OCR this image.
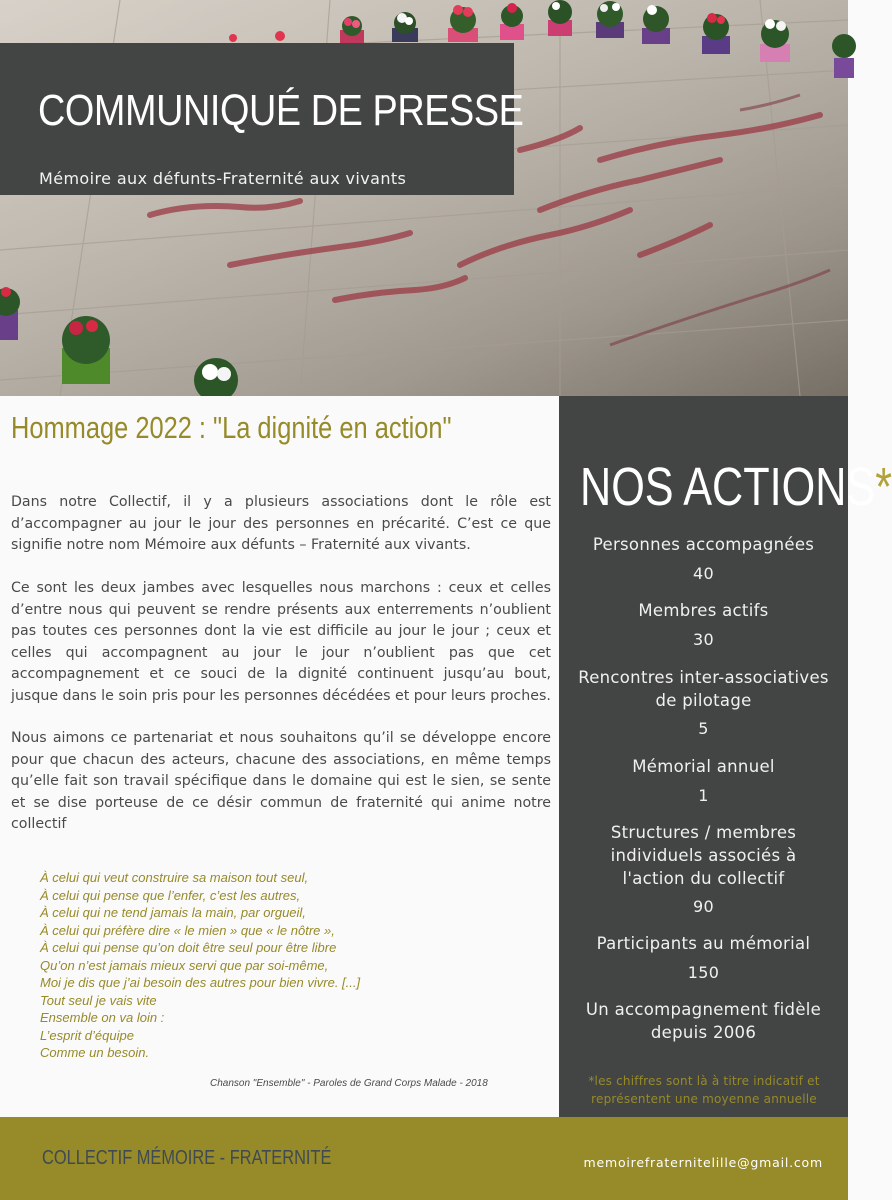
COMMUNIQUÉ DE PRESSE
Mémoire aux défunts-Fraternité aux vivants
Hommage 2022 : "La dignité en action"

Dans notre Collectif, il y a plusieurs associations dont le rôle est d’accompagner au jour le jour des personnes en précarité. C’est ce que signifie notre nom Mémoire aux défunts – Fraternité aux vivants.

Ce sont les deux jambes avec lesquelles nous marchons : ceux et celles d’entre nous qui peuvent se rendre présents aux enterrements n’oublient pas toutes ces personnes dont la vie est difficile au jour le jour ; ceux et celles qui accompagnent au jour le jour n’oublient pas que cet accompagnement et ce souci de la dignité continuent jusqu’au bout, jusque dans le soin pris pour les personnes décédées et pour leurs proches.

Nous aimons ce partenariat et nous souhaitons qu’il se développe encore pour que chacun des acteurs, chacune des associations, en même temps qu’elle fait son travail spécifique dans le domaine qui est le sien, se sente et se dise porteuse de ce désir commun de fraternité qui anime notre collectif

À celui qui veut construire sa maison tout seul,
À celui qui pense que l’enfer, c’est les autres,
À celui qui ne tend jamais la main, par orgueil,
À celui qui préfère dire « le mien » que « le nôtre »,
À celui qui pense qu’on doit être seul pour être libre
Qu’on n’est jamais mieux servi que par soi-même,
Moi je dis que j’ai besoin des autres pour bien vivre. [...]
Tout seul je vais vite
Ensemble on va loin :
L’esprit d’équipe
Comme un besoin.
Chanson "Ensemble" - Paroles de Grand Corps Malade - 2018
NOS ACTIONS*
Personnes accompagnées
40
Membres actifs
30
Rencontres inter-associatives de pilotage
5
Mémorial annuel
1
Structures / membres individuels associés à l'action du collectif
90
Participants au mémorial
150
Un accompagnement fidèle depuis 2006
*les chiffres sont là à titre indicatif et représentent une moyenne annuelle
COLLECTIF MÉMOIRE - FRATERNITÉ	memoirefraternitelille@gmail.com
